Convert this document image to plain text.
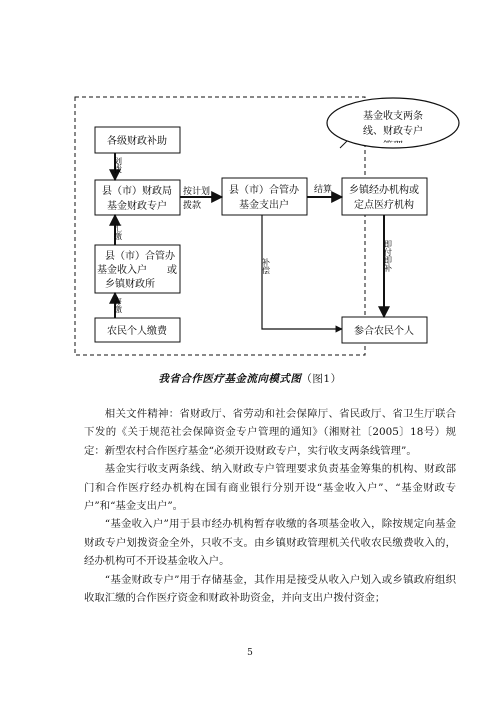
基金收支两条
线、财政专户
各级财政补助
县（市）财政局
基金财政专户
县（市）合管办
基金收入户　　或
乡镇财政所
农民个人缴费
县（市）合管办
基金支出户
乡镇经办机构或
定点医疗机构
参合农民个人
划拨
汇缴
存缴
按计划
拨款
结算
补偿	即付即补
我省合作医疗基金流向模式图（图1）

相关文件精神：省财政厅、省劳动和社会保障厅、省民政厅、省卫生厅联合下发的《关于规范社会保障资金专户管理的通知》（湘财社〔2005〕18号）规定：新型农村合作医疗基金“必须开设财政专户，实行收支两条线管理”。

基金实行收支两条线、纳入财政专户管理要求负责基金筹集的机构、财政部门和合作医疗经办机构在国有商业银行分别开设“基金收入户”、“基金财政专户”和“基金支出户”。

“基金收入户”用于县市经办机构暂存收缴的各项基金收入，除按规定向基金财政专户划拨资金全外，只收不支。由乡镇财政管理机关代收农民缴费收入的，经办机构可不开设基金收入户。

“基金财政专户”用于存储基金，其作用是接受从收入户划入或乡镇政府组织收取汇缴的合作医疗资金和财政补助资金，并向支出户拨付资金；

5
